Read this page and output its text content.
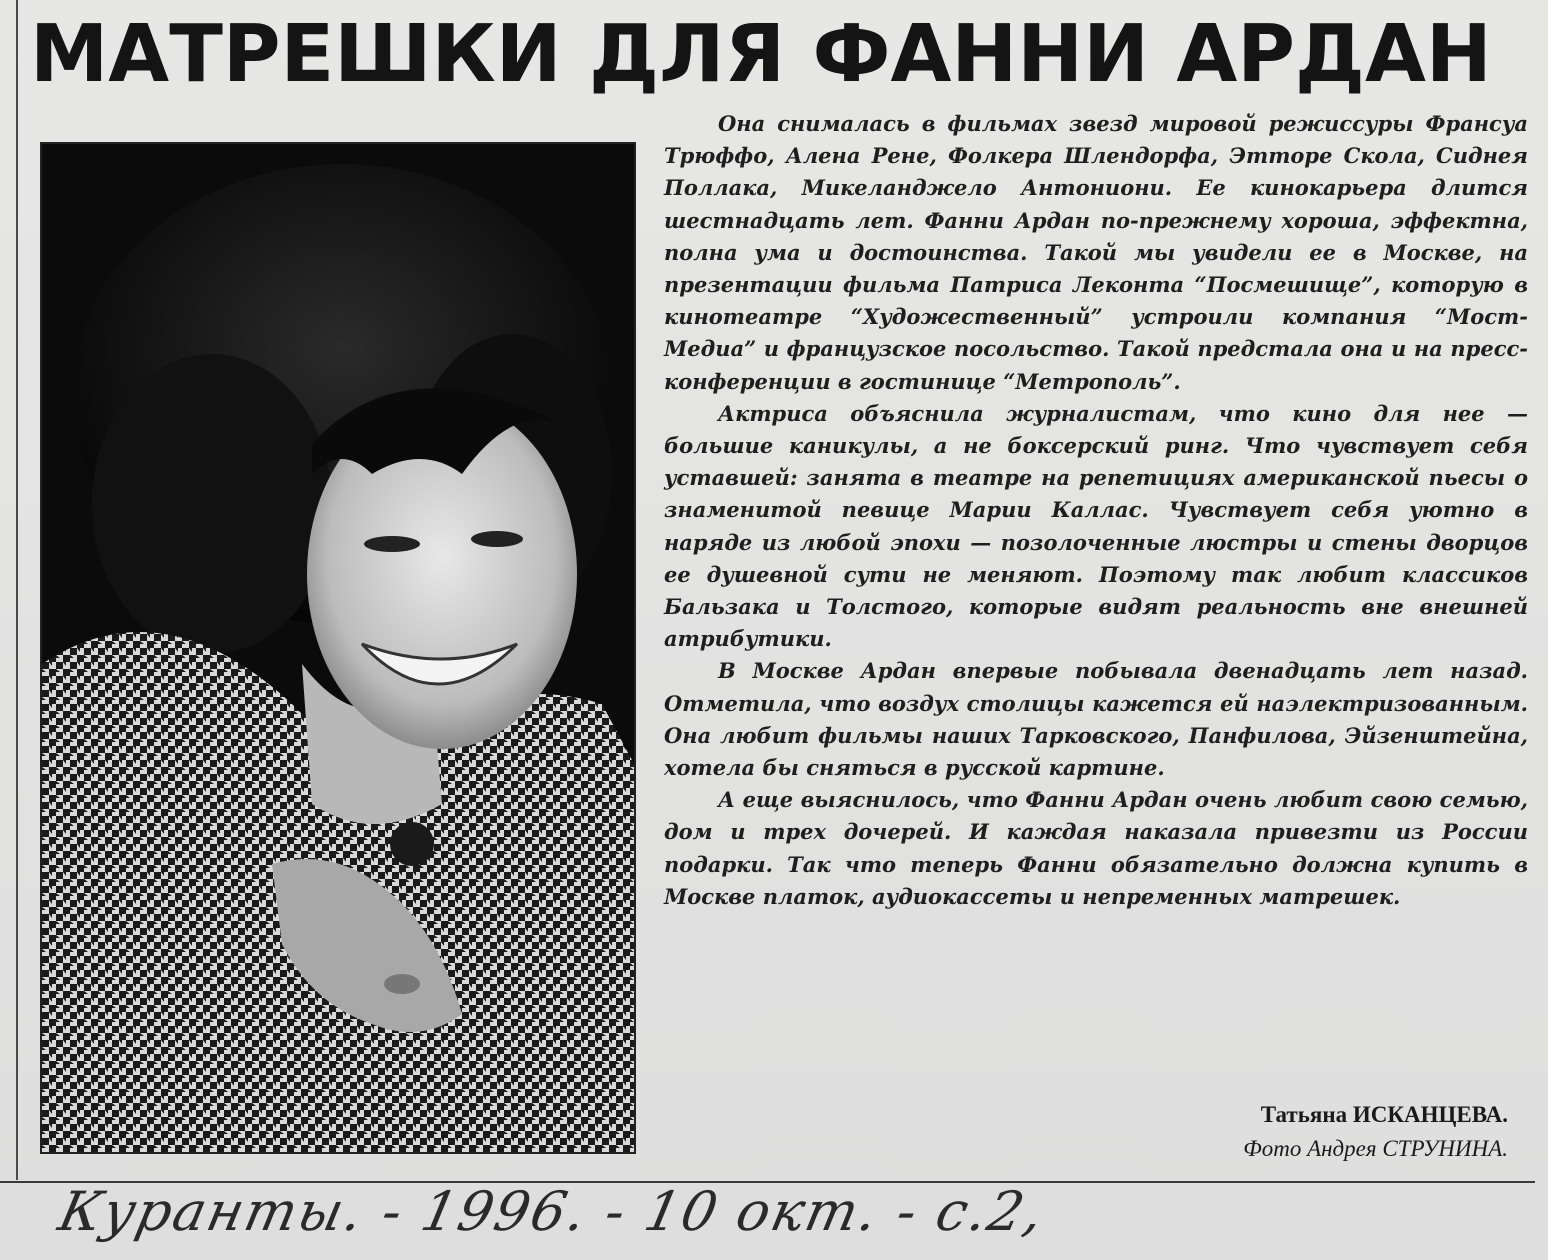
МАТРЕШКИ ДЛЯ ФАННИ АРДАН

Она снималась в фильмах звезд мировой режиссуры Франсуа Трюффо, Алена Рене, Фолкера Шлендорфа, Этторе Скола, Сиднея Поллака, Микеланджело Антониони. Ее кинокарьера длится шестнадцать лет. Фанни Ардан по-прежнему хороша, эффектна, полна ума и достоинства. Такой мы увидели ее в Москве, на презентации фильма Патриса Леконта “Посмешище”, которую в кинотеатре “Художественный” устроили компания “Мост-Медиа” и французское посольство. Такой предстала она и на пресс-конференции в гостинице “Метрополь”.

Актриса объяснила журналистам, что кино для нее — большие каникулы, а не боксерский ринг. Что чувствует себя уставшей: занята в театре на репетициях американской пьесы о знаменитой певице Марии Каллас. Чувствует себя уютно в наряде из любой эпохи — позолоченные люстры и стены дворцов ее душевной сути не меняют. Поэтому так любит классиков Бальзака и Толстого, которые видят реальность вне внешней атрибутики.

В Москве Ардан впервые побывала двенадцать лет назад. Отметила, что воздух столицы кажется ей наэлектризованным. Она любит фильмы наших Тарковского, Панфилова, Эйзенштейна, хотела бы сняться в русской картине.

А еще выяснилось, что Фанни Ардан очень любит свою семью, дом и трех дочерей. И каждая наказала привезти из России подарки. Так что теперь Фанни обязательно должна купить в Москве платок, аудиокассеты и непременных матрешек.

Татьяна ИСКАНЦЕВА.
Фото Андрея СТРУНИНА.
Куранты. - 1996. - 10 окт. - с.2,
